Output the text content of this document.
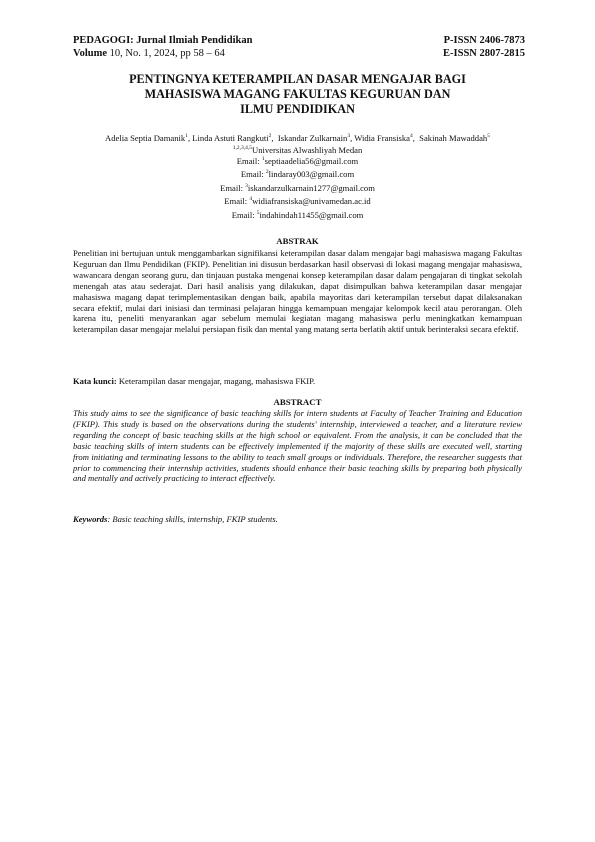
PEDAGOGI: Jurnal Ilmiah Pendidikan	P-ISSN 2406-7873
Volume 10, No. 1, 2024, pp 58 – 64	E-ISSN 2807-2815
PENTINGNYA KETERAMPILAN DASAR MENGAJAR BAGI
MAHASISWA MAGANG FAKULTAS KEGURUAN DAN
ILMU PENDIDIKAN
Adelia Septia Damanik$^1$, Linda Astuti Rangkuti$^2$,  Iskandar Zulkarnain$^3$, Widia Fransiska$^4$,  Sakinah Mawaddah$^5$
$^{1,2,3,4,5}$Universitas Alwashliyah Medan
Email: $^1$septiaadelia56@gmail.com
Email: $^2$lindaray003@gmail.com
Email: $^3$iskandarzulkarnain1277@gmail.com
Email: $^4$widiafransiska@univamedan.ac.id
Email: $^5$indahindah11455@gmail.com
ABSTRAK
Penelitian ini bertujuan untuk menggambarkan signifikansi keterampilan dasar dalam mengajar bagi mahasiswa magang Fakultas Keguruan dan Ilmu Pendidikan (FKIP). Penelitian ini disusun berdasarkan hasil observasi di lokasi magang mengajar mahasiswa, wawancara dengan seorang guru, dan tinjauan pustaka mengenai konsep keterampilan dasar dalam pengajaran di tingkat sekolah menengah atas atau sederajat. Dari hasil analisis yang dilakukan, dapat disimpulkan bahwa keterampilan dasar mengajar mahasiswa magang dapat terimplementasikan dengan baik, apabila mayoritas dari keterampilan tersebut dapat dilaksanakan secara efektif, mulai dari inisiasi dan terminasi pelajaran hingga kemampuan mengajar kelompok kecil atau perorangan. Oleh karena itu, peneliti menyarankan agar sebelum memulai kegiatan magang mahasiswa perlu meningkatkan kemampuan keterampilan dasar mengajar melalui persiapan fisik dan mental yang matang serta berlatih aktif untuk berinteraksi secara efektif.
Kata kunci: Keterampilan dasar mengajar, magang, mahasiswa FKIP.
ABSTRACT
This study aims to see the significance of basic teaching skills for intern students at Faculty of Teacher Training and Education (FKIP). This study is based on the observations during the students' internship, interviewed a teacher, and a literature review regarding the concept of basic teaching skills at the high school or equivalent. From the analysis, it can be concluded that the basic teaching skills of intern students can be effectively implemented if the majority of these skills are executed well, starting from initiating and terminating lessons to the ability to teach small groups or individuals. Therefore, the researcher suggests that prior to commencing their internship activities, students should enhance their basic teaching skills by preparing both physically and mentally and actively practicing to interact effectively.
Keywords: Basic teaching skills, internship, FKIP students.
